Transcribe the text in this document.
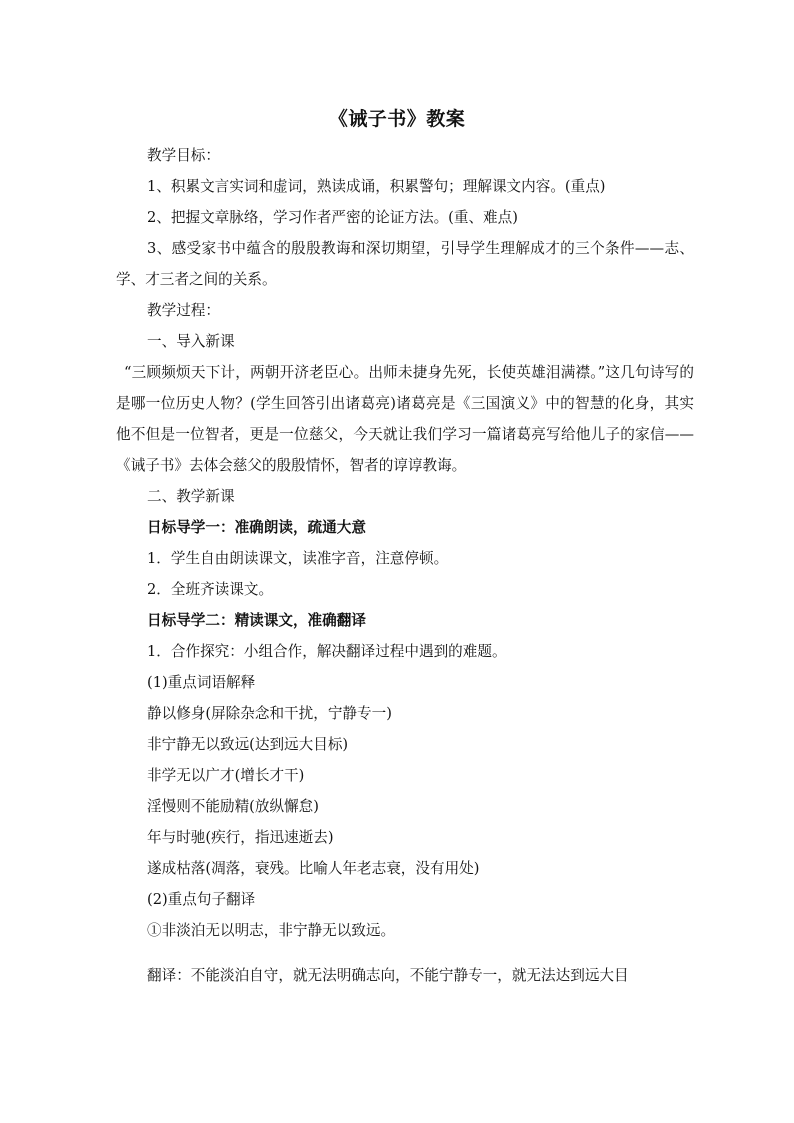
《诫子书》教案

教学目标：

1、积累文言实词和虚词，熟读成诵，积累警句；理解课文内容。(重点)

2、把握文章脉络，学习作者严密的论证方法。(重、难点)

3、感受家书中蕴含的殷殷教诲和深切期望，引导学生理解成才的三个条件——志、学、才三者之间的关系。

教学过程：

一、导入新课

“三顾频烦天下计，两朝开济老臣心。出师未捷身先死，长使英雄泪满襟。”这几句诗写的是哪一位历史人物？(学生回答引出诸葛亮)诸葛亮是《三国演义》中的智慧的化身，其实他不但是一位智者，更是一位慈父，今天就让我们学习一篇诸葛亮写给他儿子的家信——《诫子书》去体会慈父的殷殷情怀，智者的谆谆教诲。

二、教学新课

日标导学一：准确朗读，疏通大意

1．学生自由朗读课文，读准字音，注意停顿。

2．全班齐读课文。

日标导学二：精读课文，准确翻译

1．合作探究：小组合作，解决翻译过程中遇到的难题。

(1)重点词语解释

静以修身(屏除杂念和干扰，宁静专一)

非宁静无以致远(达到远大目标)

非学无以广才(增长才干)

淫慢则不能励精(放纵懈怠)

年与时驰(疾行，指迅速逝去)

遂成枯落(凋落，衰残。比喻人年老志衰，没有用处)

(2)重点句子翻译

①非淡泊无以明志，非宁静无以致远。

翻译：不能淡泊自守，就无法明确志向，不能宁静专一，就无法达到远大目
